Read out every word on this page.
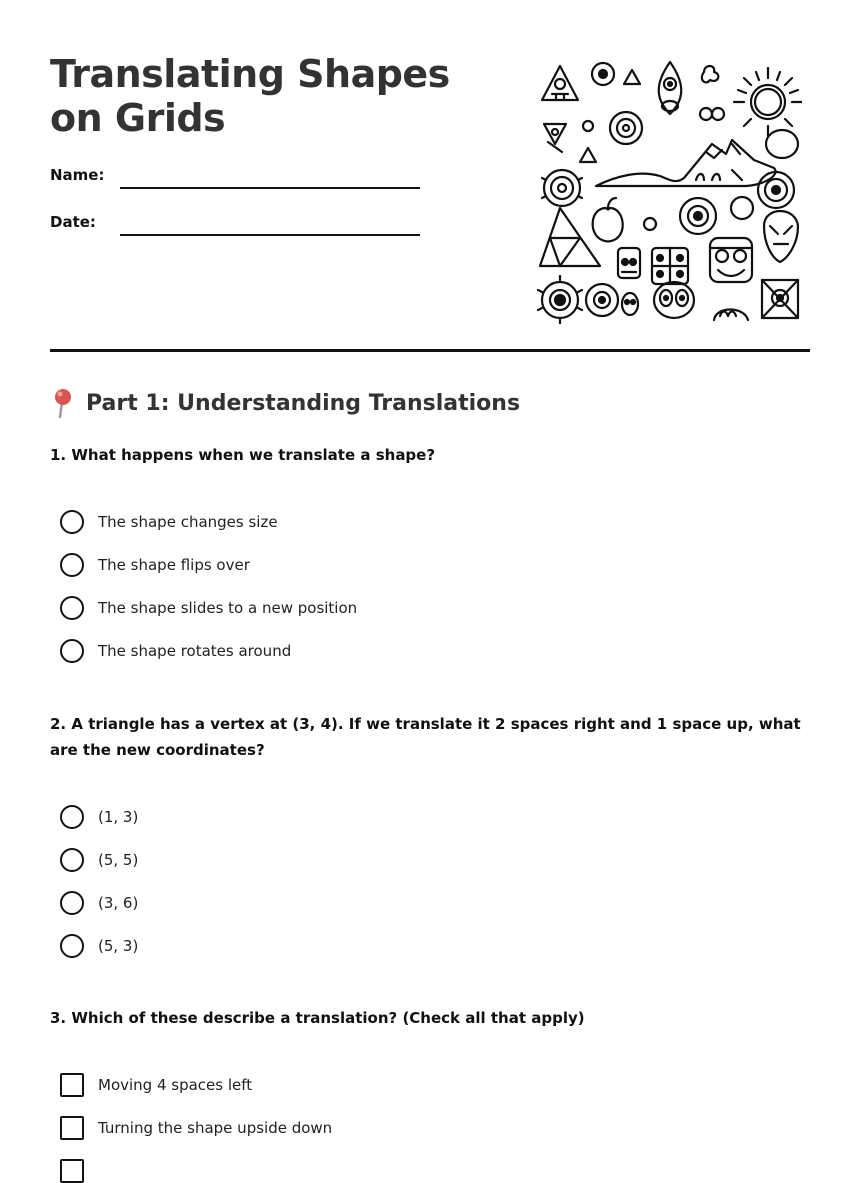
Translating Shapes on Grids
Name:
Date:
Part 1: Understanding Translations
1. What happens when we translate a shape?
The shape changes size
The shape flips over
The shape slides to a new position
The shape rotates around
2. A triangle has a vertex at (3, 4). If we translate it 2 spaces right and 1 space up, what are the new coordinates?
(1, 3)
(5, 5)
(3, 6)
(5, 3)
3. Which of these describe a translation? (Check all that apply)
Moving 4 spaces left
Turning the shape upside down
